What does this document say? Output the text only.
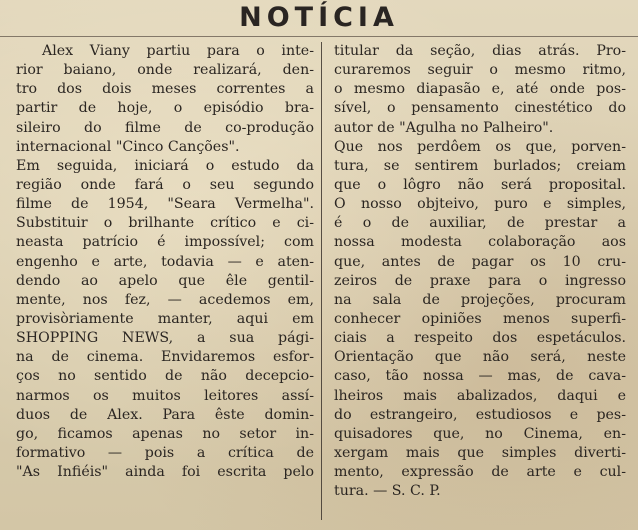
NOTÍCIA
Alex Viany partiu para o inte-
rior baiano, onde realizará, den-
tro dos dois meses correntes a
partir de hoje, o episódio bra-
sileiro do filme de co-produção
internacional "Cinco Canções".
Em seguida, iniciará o estudo da
região onde fará o seu segundo
filme de 1954, "Seara Vermelha".
Substituir o brilhante crítico e ci-
neasta patrício é impossível; com
engenho e arte, todavia — e aten-
dendo ao apelo que êle gentil-
mente, nos fez, — acedemos em,
provisòriamente manter, aqui em
SHOPPING NEWS, a sua pági-
na de cinema. Envidaremos esfor-
ços no sentido de não decepcio-
narmos os muitos leitores assí-
duos de Alex. Para êste domin-
go, ficamos apenas no setor in-
formativo — pois a crítica de
"As Infiéis" ainda foi escrita pelo
titular da seção, dias atrás. Pro-
curaremos seguir o mesmo ritmo,
o mesmo diapasão e, até onde pos-
sível, o pensamento cinestético do
autor de "Agulha no Palheiro".
Que nos perdôem os que, porven-
tura, se sentirem burlados; creiam
que o lôgro não será proposital.
O nosso objteivo, puro e simples,
é o de auxiliar, de prestar a
nossa modesta colaboração aos
que, antes de pagar os 10 cru-
zeiros de praxe para o ingresso
na sala de projeções, procuram
conhecer opiniões menos superfi-
ciais a respeito dos espetáculos.
Orientação que não será, neste
caso, tão nossa — mas, de cava-
lheiros mais abalizados, daqui e
do estrangeiro, estudiosos e pes-
quisadores que, no Cinema, en-
xergam mais que simples diverti-
mento, expressão de arte e cul-
tura. — S. C. P.
